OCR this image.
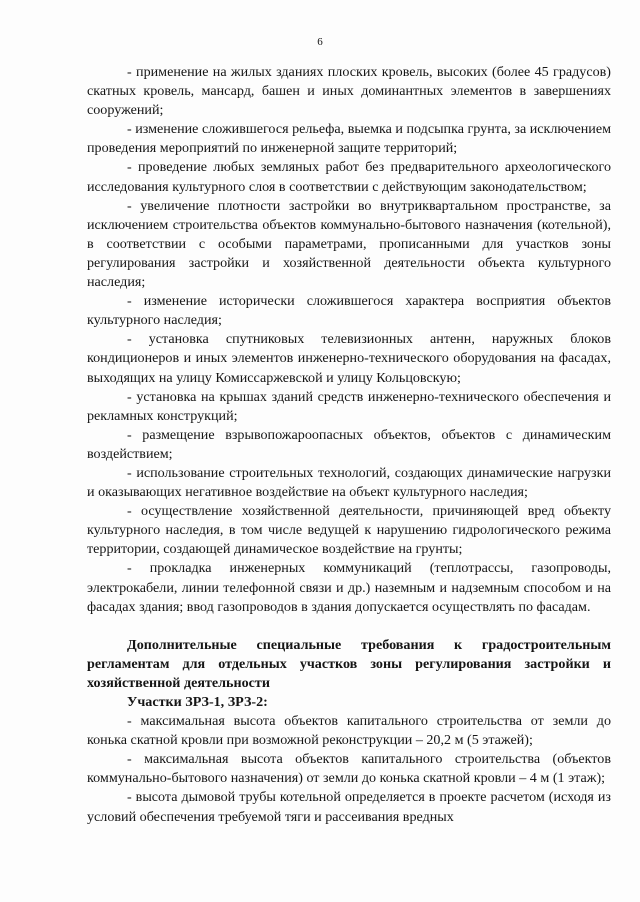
6

- применение на жилых зданиях плоских кровель, высоких (более 45 градусов) скатных кровель, мансард, башен и иных доминантных элементов в завершениях сооружений;

- изменение сложившегося рельефа, выемка и подсыпка грунта, за исключением проведения мероприятий по инженерной защите территорий;

- проведение любых земляных работ без предварительного археологического исследования культурного слоя в соответствии с действующим законодательством;

- увеличение плотности застройки во внутриквартальном пространстве, за исключением строительства объектов коммунально-бытового назначения (котельной), в соответствии с особыми параметрами, прописанными для участков зоны регулирования застройки и хозяйственной деятельности объекта культурного наследия;

- изменение исторически сложившегося характера восприятия объектов культурного наследия;

- установка спутниковых телевизионных антенн, наружных блоков кондиционеров и иных элементов инженерно-технического оборудования на фасадах, выходящих на улицу Комиссаржевской и улицу Кольцовскую;

- установка на крышах зданий средств инженерно-технического обеспечения и рекламных конструкций;

- размещение взрывопожароопасных объектов, объектов с динамическим воздействием;

- использование строительных технологий, создающих динамические нагрузки и оказывающих негативное воздействие на объект культурного наследия;

- осуществление хозяйственной деятельности, причиняющей вред объекту культурного наследия, в том числе ведущей к нарушению гидрологического режима территории, создающей динамическое воздействие на грунты;

- прокладка инженерных коммуникаций (теплотрассы, газопроводы, электрокабели, линии телефонной связи и др.) наземным и надземным способом и на фасадах здания; ввод газопроводов в здания допускается осуществлять по фасадам.

Дополнительные специальные требования к градостроительным регламентам для отдельных участков зоны регулирования застройки и хозяйственной деятельности

Участки ЗРЗ-1, ЗРЗ-2:

- максимальная высота объектов капитального строительства от земли до конька скатной кровли при возможной реконструкции – 20,2 м (5 этажей);

- максимальная высота объектов капитального строительства (объектов коммунально-бытового назначения) от земли до конька скатной кровли – 4 м (1 этаж);

- высота дымовой трубы котельной определяется в проекте расчетом (исходя из условий обеспечения требуемой тяги и рассеивания вредных
